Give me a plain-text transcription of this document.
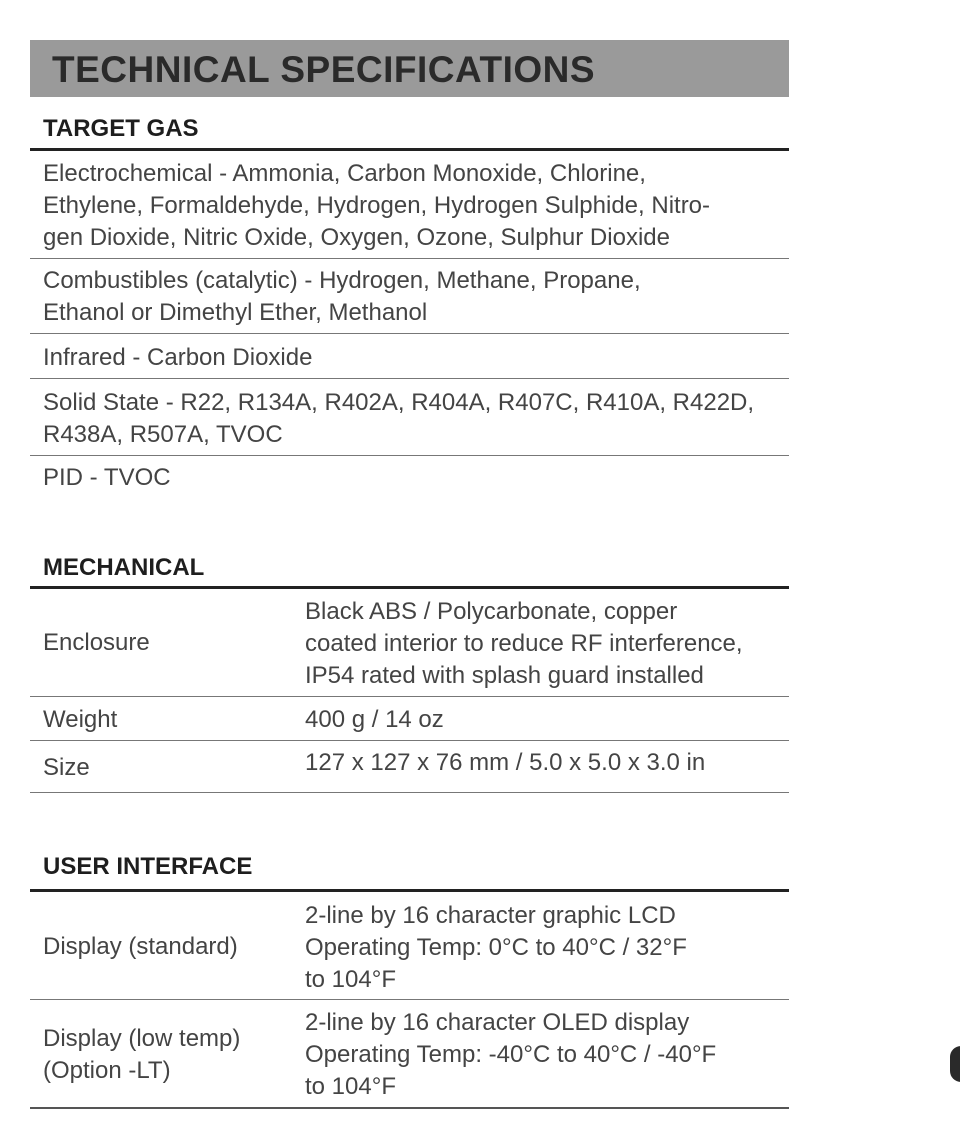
TECHNICAL SPECIFICATIONS
TARGET GAS
Electrochemical - Ammonia, Carbon Monoxide, Chlorine,
Ethylene, Formaldehyde, Hydrogen, Hydrogen Sulphide, Nitro-
gen Dioxide, Nitric Oxide, Oxygen, Ozone, Sulphur Dioxide
Combustibles (catalytic) - Hydrogen, Methane, Propane,
Ethanol or Dimethyl Ether, Methanol
Infrared - Carbon Dioxide
Solid State - R22, R134A, R402A, R404A, R407C, R410A, R422D,
R438A, R507A, TVOC
PID - TVOC
MECHANICAL
Enclosure
Black ABS / Polycarbonate, copper
coated interior to reduce RF interference,
IP54 rated with splash guard installed
Weight	400 g / 14 oz
Size	127 x 127 x 76 mm / 5.0 x 5.0 x 3.0 in
USER INTERFACE
Display (standard)
2-line by 16 character graphic LCD
Operating Temp: 0°C to 40°C / 32°F
to 104°F
Display (low temp)
(Option -LT)
2-line by 16 character OLED display
Operating Temp: -40°C to 40°C / -40°F
to 104°F
